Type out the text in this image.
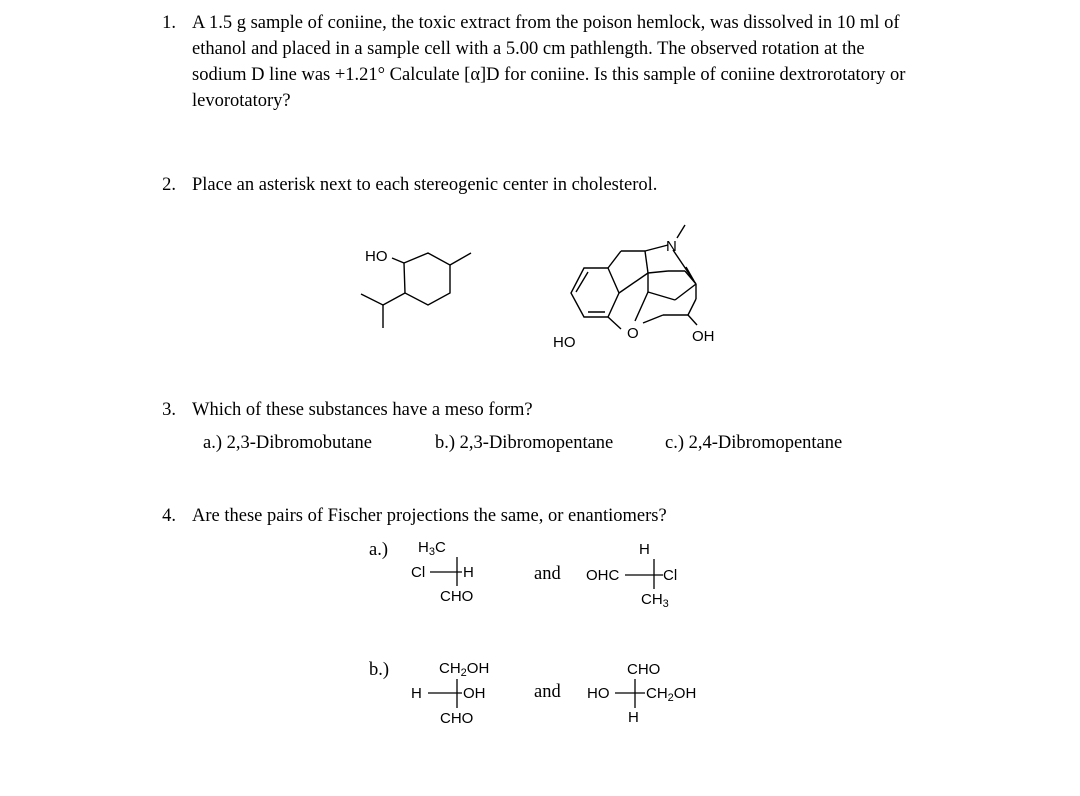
1. A 1.5 g sample of coniine, the toxic extract from the poison hemlock, was dissolved in 10 ml of
ethanol and placed in a sample cell with a 5.00 cm pathlength. The observed rotation at the
sodium D line was +1.21° Calculate [α]D for coniine. Is this sample of coniine dextrorotatory or
levorotatory?
2. Place an asterisk next to each stereogenic center in cholesterol.
HO
N
HO
O	OH
3. Which of these substances have a meso form?
a.) 2,3-Dibromobutane	b.) 2,3-Dibromopentane	c.) 2,4-Dibromopentane
4. Are these pairs of Fischer projections the same, or enantiomers?
a.)
and
b.)
and
$H_3C$
Cl	H
CHO
H
OHC	Cl
$CH_3$
$CH_2OH$
H	OH
CHO
CHO
HO $CH_2OH$
H
